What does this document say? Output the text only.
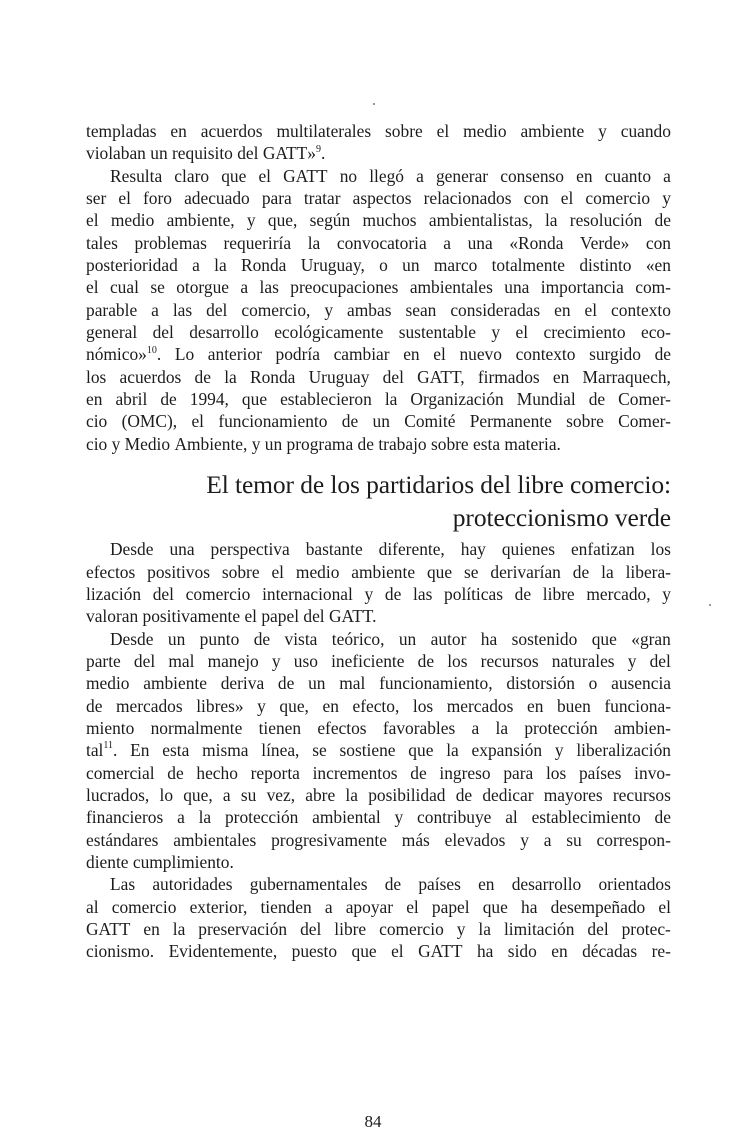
templadas en acuerdos multilaterales sobre el medio ambiente y cuando
violaban
un
requisito
del
GATT»$^9$.
Resulta claro que el GATT no llegó a generar consenso en cuanto a
ser el foro adecuado para tratar aspectos relacionados con el comercio y
el medio ambiente, y que, según muchos ambientalistas, la resolución de
tales problemas requeriría la convocatoria a una «Ronda Verde» con
posterioridad a la Ronda Uruguay, o un marco totalmente distinto «en
el cual se otorgue a las preocupaciones ambientales una importancia com-
parable a las del comercio, y ambas sean consideradas en el contexto
general del desarrollo ecológicamente sustentable y el crecimiento eco-
nómico»$^{10}$. Lo anterior podría cambiar en el nuevo contexto surgido de
los acuerdos de la Ronda Uruguay del GATT, firmados en Marraquech,
en abril de 1994, que establecieron la Organización Mundial de Comer-
cio (OMC), el funcionamiento de un Comité Permanente sobre Comer-
cio
y
Medio
Ambiente,
y
un
programa
de
trabajo
sobre
esta
materia.
El temor de los partidarios del libre comercio:
proteccionismo verde
Desde una perspectiva bastante diferente, hay quienes enfatizan los
efectos positivos sobre el medio ambiente que se derivarían de la libera-
lización del comercio internacional y de las políticas de libre mercado, y
valoran
positivamente
el
papel
del
GATT.
Desde un punto de vista teórico, un autor ha sostenido que «gran
parte del mal manejo y uso ineficiente de los recursos naturales y del
medio ambiente deriva de un mal funcionamiento, distorsión o ausencia
de mercados libres» y que, en efecto, los mercados en buen funciona-
miento normalmente tienen efectos favorables a la protección ambien-
tal$^{11}$. En esta misma línea, se sostiene que la expansión y liberalización
comercial de hecho reporta incrementos de ingreso para los países invo-
lucrados, lo que, a su vez, abre la posibilidad de dedicar mayores recursos
financieros a la protección ambiental y contribuye al establecimiento de
estándares ambientales progresivamente más elevados y a su correspon-
diente
cumplimiento.
Las autoridades gubernamentales de países en desarrollo orientados
al comercio exterior, tienden a apoyar el papel que ha desempeñado el
GATT en la preservación del libre comercio y la limitación del protec-
cionismo. Evidentemente, puesto que el GATT ha sido en décadas re-
84
